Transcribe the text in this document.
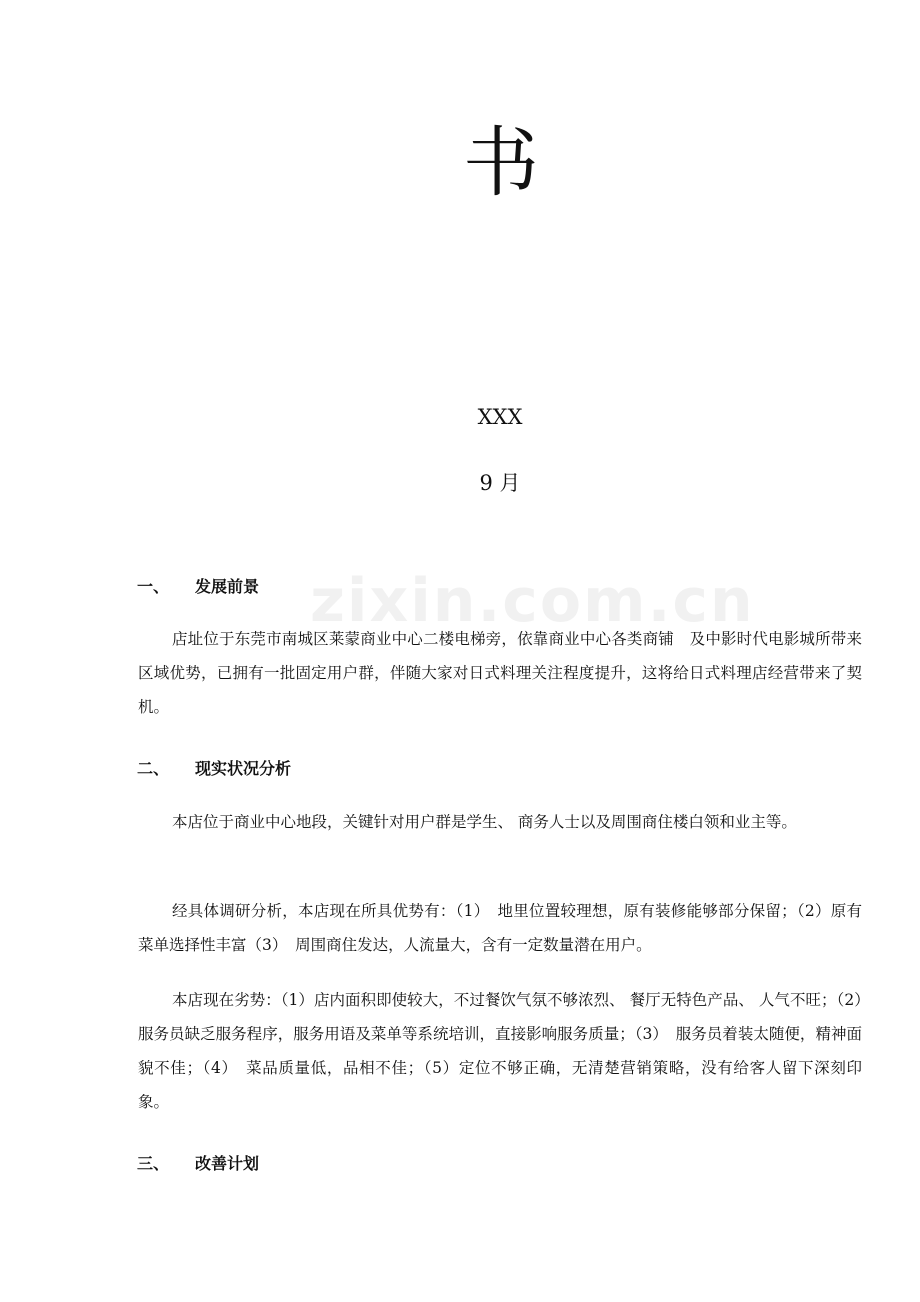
zixin.com.cn
书
XXX
9 月
一、 发展前景
店址位于东莞市南城区莱蒙商业中心二楼电梯旁，依靠商业中心各类商铺　及中影时代电影城所带来区域优势，已拥有一批固定用户群，伴随大家对日式料理关注程度提升，这将给日式料理店经营带来了契机。
二、 现实状况分析
本店位于商业中心地段，关键针对用户群是学生、 商务人士以及周围商住楼白领和业主等。
经具体调研分析，本店现在所具优势有：（1）　地里位置较理想，原有装修能够部分保留；（2）原有菜单选择性丰富（3）　周围商住发达，人流量大，含有一定数量潜在用户。
本店现在劣势：（1）店内面积即使较大，不过餐饮气氛不够浓烈、 餐厅无特色产品、 人气不旺；（2）服务员缺乏服务程序，服务用语及菜单等系统培训，直接影响服务质量；（3）　服务员着装太随便，精神面貌不佳；（4）　菜品质量低，品相不佳；（5）定位不够正确，无清楚营销策略，没有给客人留下深刻印象。
三、 改善计划
